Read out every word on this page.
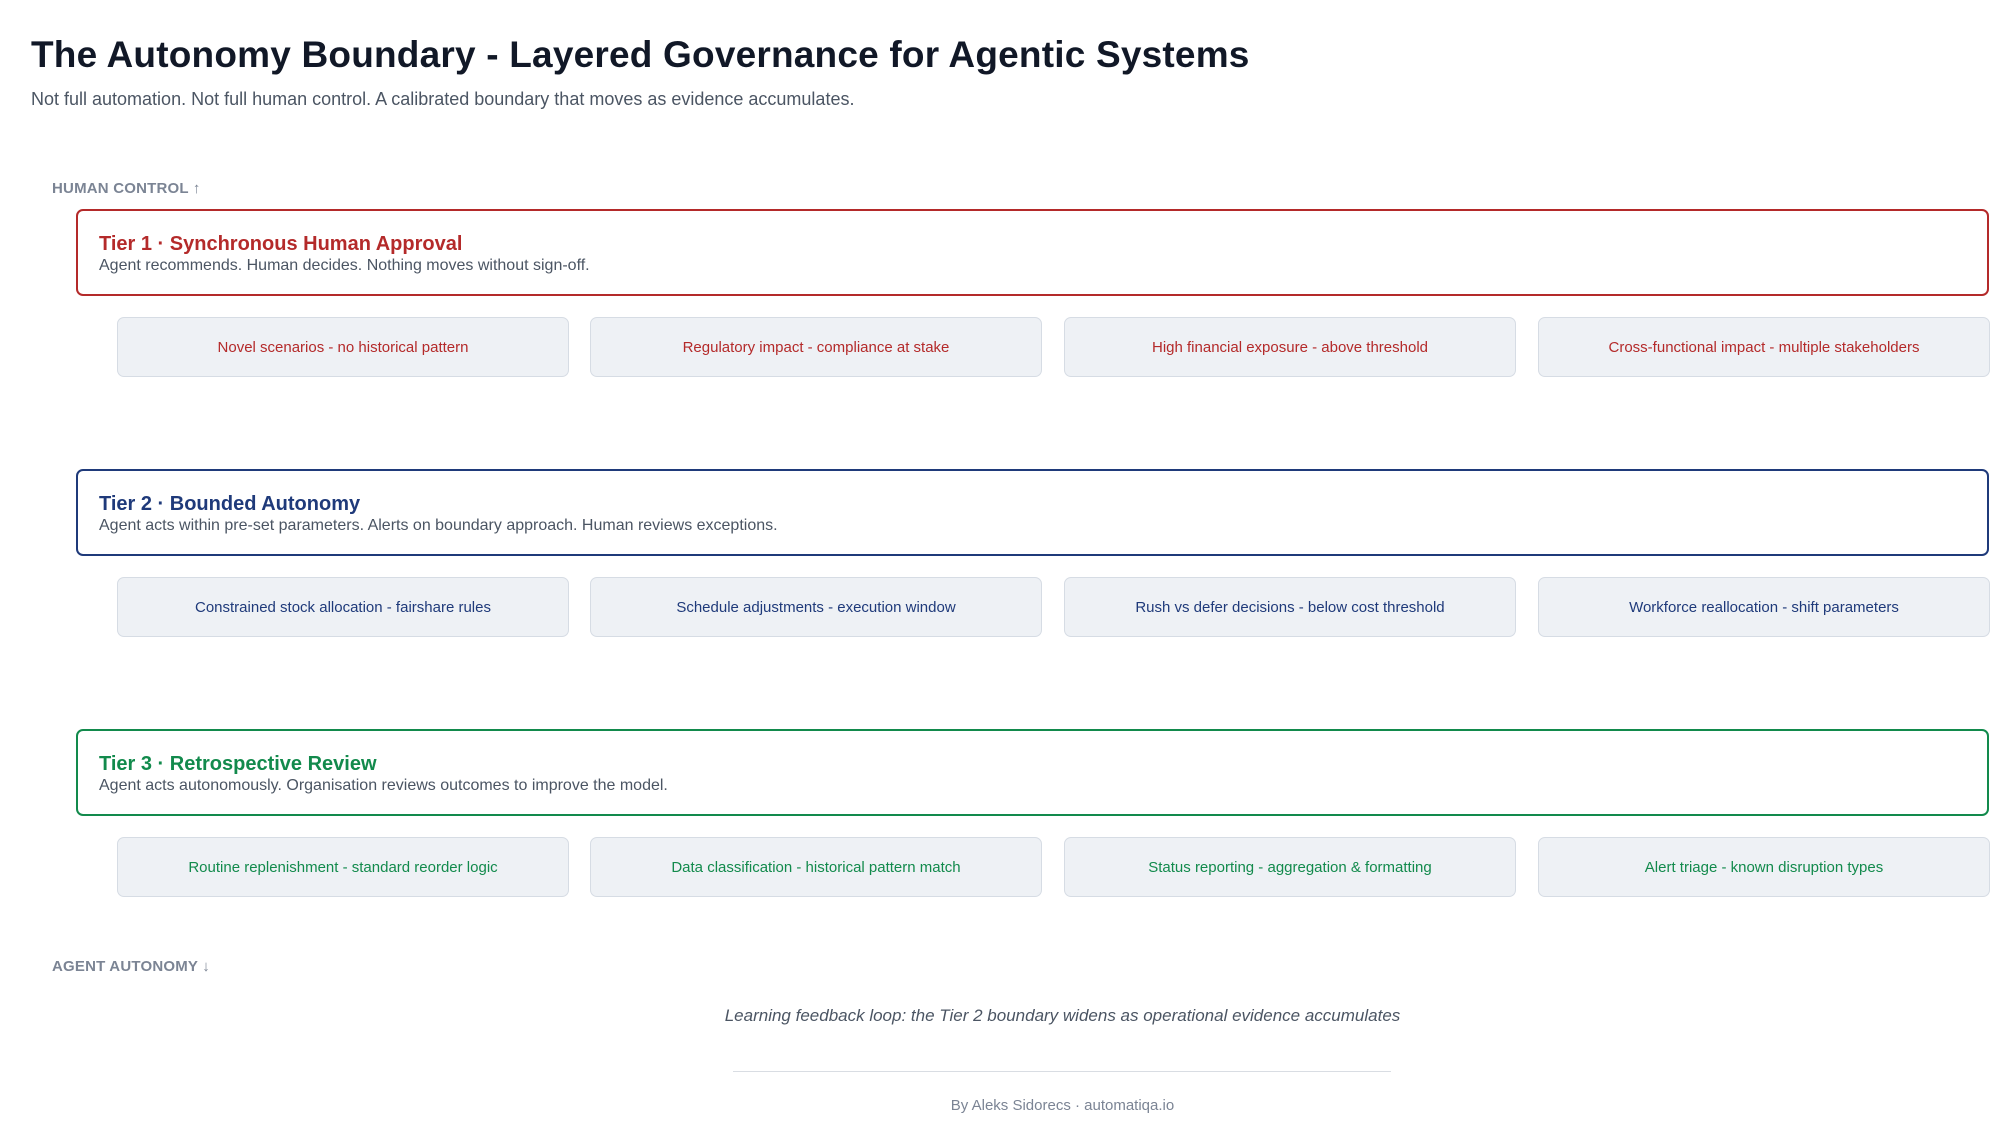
The Autonomy Boundary - Layered Governance for Agentic Systems

Not full automation. Not full human control. A calibrated boundary that moves as evidence accumulates.

HUMAN CONTROL ↑
Tier 1 · Synchronous Human Approval
Agent recommends. Human decides. Nothing moves without sign-off.
Novel scenarios - no historical pattern	Regulatory impact - compliance at stake	High financial exposure - above threshold	Cross-functional impact - multiple stakeholders
Tier 2 · Bounded Autonomy
Agent acts within pre-set parameters. Alerts on boundary approach. Human reviews exceptions.
Constrained stock allocation - fairshare rules	Schedule adjustments - execution window	Rush vs defer decisions - below cost threshold	Workforce reallocation - shift parameters
Tier 3 · Retrospective Review
Agent acts autonomously. Organisation reviews outcomes to improve the model.
Routine replenishment - standard reorder logic	Data classification - historical pattern match	Status reporting - aggregation & formatting	Alert triage - known disruption types
AGENT AUTONOMY ↓
Learning feedback loop: the Tier 2 boundary widens as operational evidence accumulates
By Aleks Sidorecs · automatiqa.io
